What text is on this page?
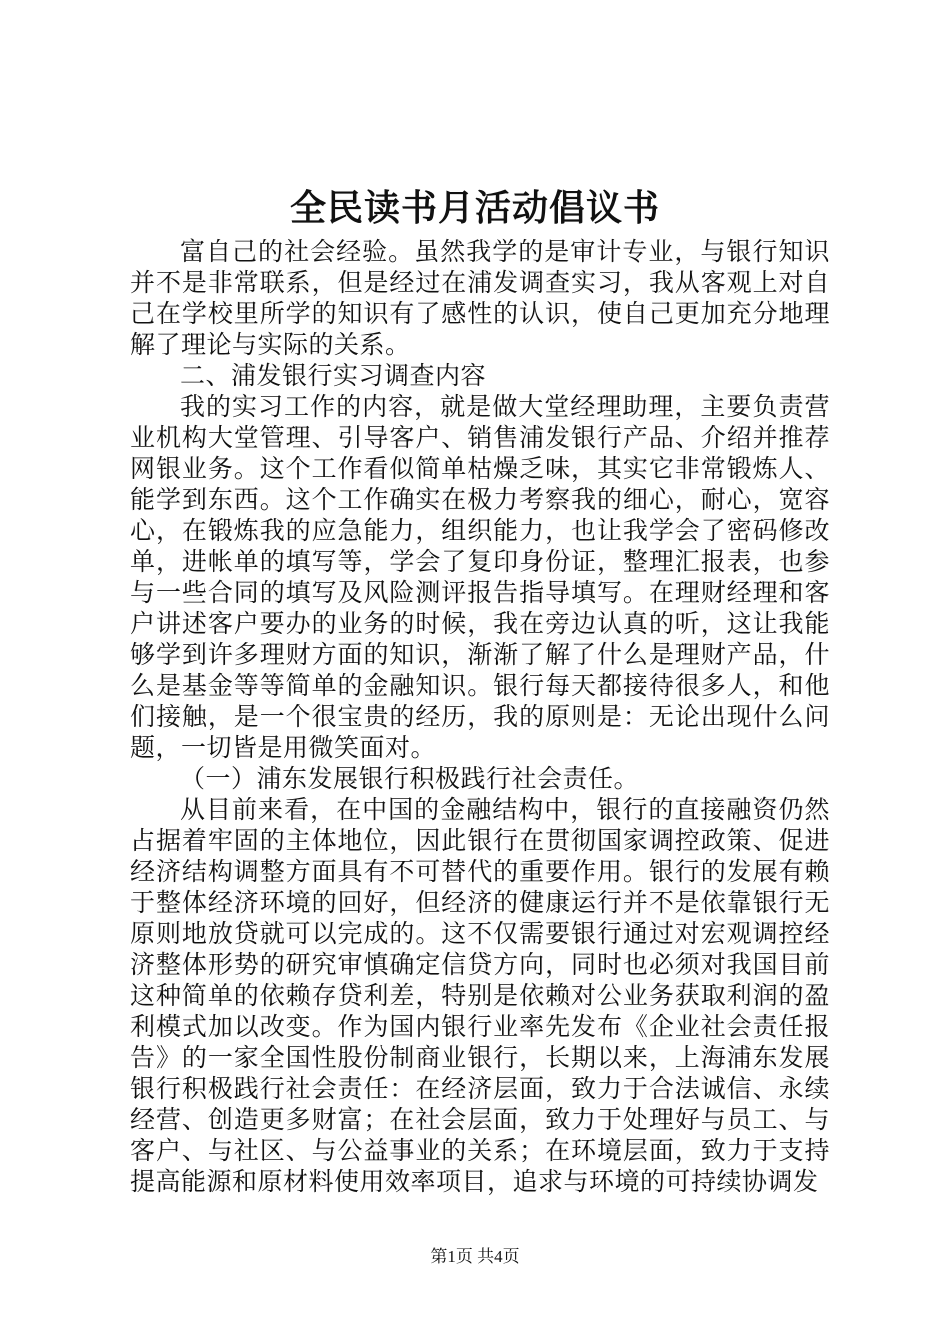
全民读书月活动倡议书

富自己的社会经验。虽然我学的是审计专业，与银行知识并不是非常联系，但是经过在浦发调查实习，我从客观上对自己在学校里所学的知识有了感性的认识，使自己更加充分地理解了理论与实际的关系。

二、浦发银行实习调查内容

我的实习工作的内容，就是做大堂经理助理，主要负责营业机构大堂管理、引导客户、销售浦发银行产品、介绍并推荐网银业务。这个工作看似简单枯燥乏味，其实它非常锻炼人、能学到东西。这个工作确实在极力考察我的细心，耐心，宽容心，在锻炼我的应急能力，组织能力，也让我学会了密码修改单，进帐单的填写等，学会了复印身份证，整理汇报表，也参与一些合同的填写及风险测评报告指导填写。在理财经理和客户讲述客户要办的业务的时候，我在旁边认真的听，这让我能够学到许多理财方面的知识，渐渐了解了什么是理财产品，什么是基金等等简单的金融知识。银行每天都接待很多人，和他们接触，是一个很宝贵的经历，我的原则是：无论出现什么问题，一切皆是用微笑面对。

（一）浦东发展银行积极践行社会责任。

从目前来看，在中国的金融结构中，银行的直接融资仍然占据着牢固的主体地位，因此银行在贯彻国家调控政策、促进经济结构调整方面具有不可替代的重要作用。银行的发展有赖于整体经济环境的回好，但经济的健康运行并不是依靠银行无原则地放贷就可以完成的。这不仅需要银行通过对宏观调控经济整体形势的研究审慎确定信贷方向，同时也必须对我国目前这种简单的依赖存贷利差，特别是依赖对公业务获取利润的盈利模式加以改变。作为国内银行业率先发布《企业社会责任报告》的一家全国性股份制商业银行，长期以来，上海浦东发展银行积极践行社会责任：在经济层面，致力于合法诚信、永续经营、创造更多财富；在社会层面，致力于处理好与员工、与客户、与社区、与公益事业的关系；在环境层面，致力于支持提高能源和原材料使用效率项目，追求与环境的可持续协调发

第1页 共4页
